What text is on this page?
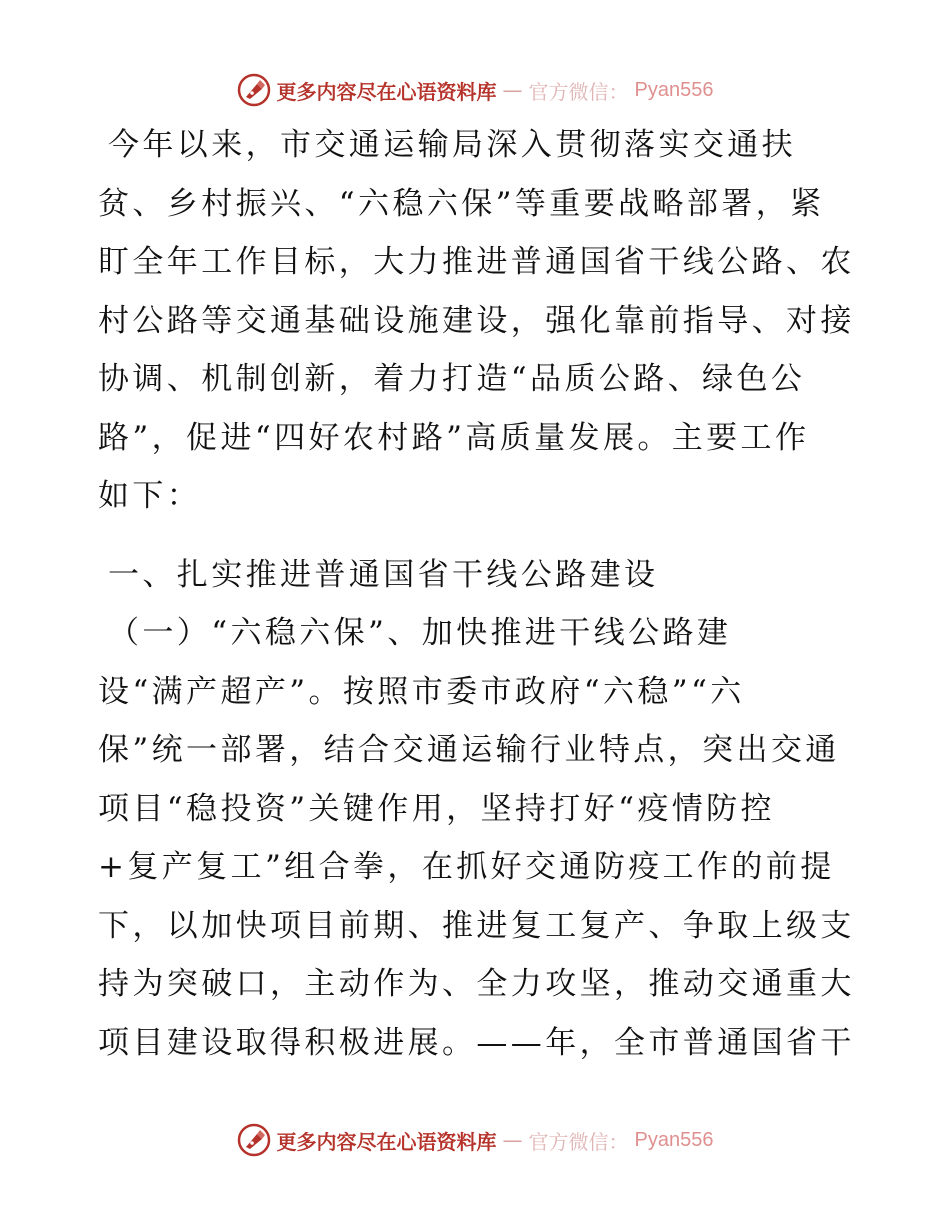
更多内容尽在心语资料库 — 官方微信： Pyan556
今年以来，市交通运输局深入贯彻落实交通扶
贫、乡村振兴、“六稳六保”等重要战略部署，紧
盯全年工作目标，大力推进普通国省干线公路、农
村公路等交通基础设施建设，强化靠前指导、对接
协调、机制创新，着力打造“品质公路、绿色公
路”，促进“四好农村路”高质量发展。主要工作
如下：
一、扎实推进普通国省干线公路建设
（一）“六稳六保”、加快推进干线公路建
设“满产超产”。按照市委市政府“六稳”“六
保”统一部署，结合交通运输行业特点，突出交通
项目“稳投资”关键作用，坚持打好“疫情防控
+复产复工”组合拳，在抓好交通防疫工作的前提
下，以加快项目前期、推进复工复产、争取上级支
持为突破口，主动作为、全力攻坚，推动交通重大
项目建设取得积极进展。——年，全市普通国省干
更多内容尽在心语资料库 — 官方微信： Pyan556
